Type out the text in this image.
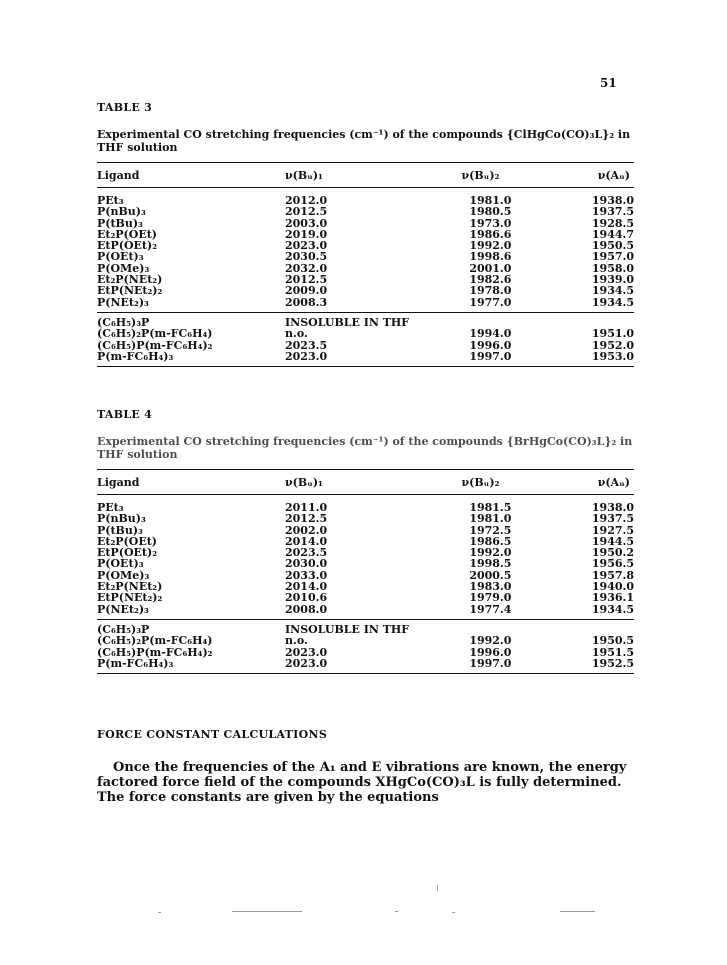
51
TABLE 3
Experimental CO stretching frequencies (cm⁻¹) of the compounds {ClHgCo(CO)₃L}₂ in THF solution
Ligand	ν(Bᵤ)₁	ν(Bᵤ)₂	ν(Aᵤ)
PEt₃	2012.0	1981.0	1938.0
P(nBu)₃	2012.5	1980.5	1937.5
P(tBu)₃	2003.0	1973.0	1928.5
Et₂P(OEt)	2019.0	1986.6	1944.7
EtP(OEt)₂	2023.0	1992.0	1950.5
P(OEt)₃	2030.5	1998.6	1957.0
P(OMe)₃	2032.0	2001.0	1958.0
Et₂P(NEt₂)	2012.5	1982.6	1939.0
EtP(NEt₂)₂	2009.0	1978.0	1934.5
P(NEt₂)₃	2008.3	1977.0	1934.5
(C₆H₅)₃P	INSOLUBLE IN THF		
(C₆H₅)₂P(m-FC₆H₄)	n.o.	1994.0	1951.0
(C₆H₅)P(m-FC₆H₄)₂	2023.5	1996.0	1952.0
P(m-FC₆H₄)₃	2023.0	1997.0	1953.0
TABLE 4
Experimental CO stretching frequencies (cm⁻¹) of the compounds {BrHgCo(CO)₃L}₂ in THF solution
Ligand	ν(Bᵤ)₁	ν(Bᵤ)₂	ν(Aᵤ)
PEt₃	2011.0	1981.5	1938.0
P(nBu)₃	2012.5	1981.0	1937.5
P(tBu)₃	2002.0	1972.5	1927.5
Et₂P(OEt)	2014.0	1986.5	1944.5
EtP(OEt)₂	2023.5	1992.0	1950.2
P(OEt)₃	2030.0	1998.5	1956.5
P(OMe)₃	2033.0	2000.5	1957.8
Et₂P(NEt₂)	2014.0	1983.0	1940.0
EtP(NEt₂)₂	2010.6	1979.0	1936.1
P(NEt₂)₃	2008.0	1977.4	1934.5
(C₆H₅)₃P	INSOLUBLE IN THF		
(C₆H₅)₂P(m-FC₆H₄)	n.o.	1992.0	1950.5
(C₆H₅)P(m-FC₆H₄)₂	2023.0	1996.0	1951.5
P(m-FC₆H₄)₃	2023.0	1997.0	1952.5
FORCE CONSTANT CALCULATIONS
Once the frequencies of the A₁ and E vibrations are known, the energy factored force field of the compounds XHgCo(CO)₃L is fully determined. The force constants are given by the equations
